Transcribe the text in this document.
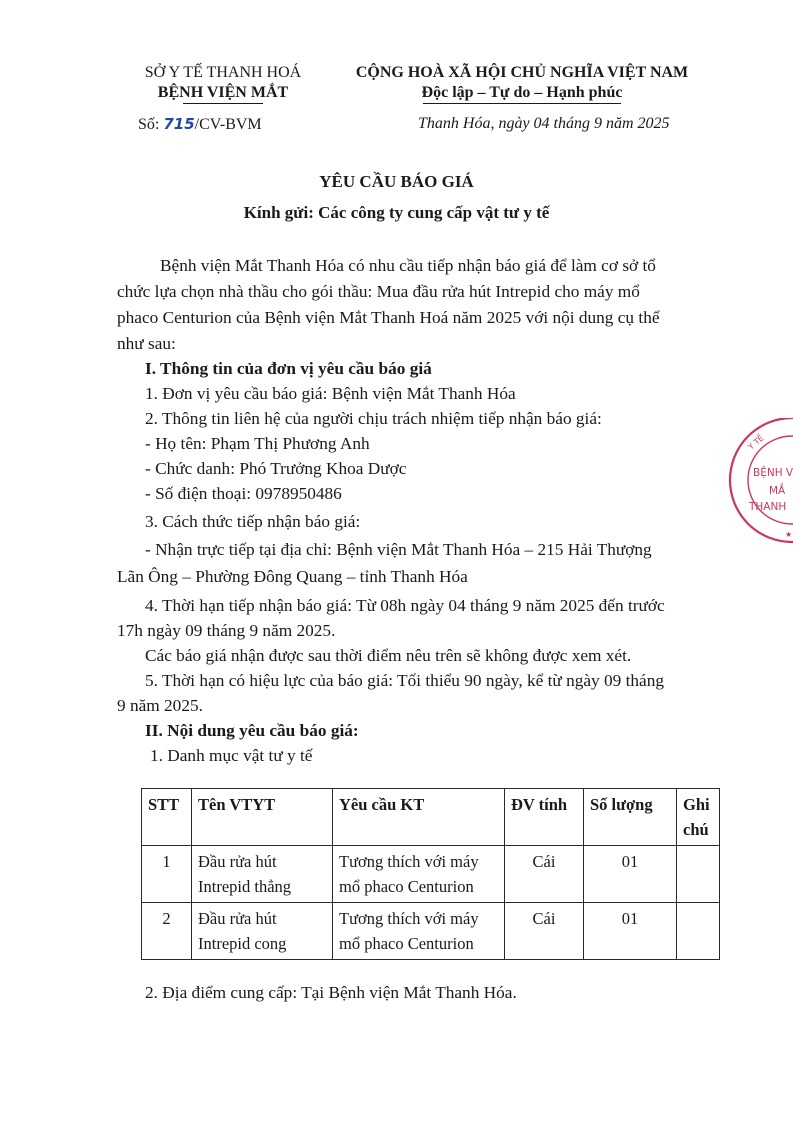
SỞ Y TẾ THANH HOÁ
BỆNH VIỆN MẮT
Số: 715/CV-BVM
CỘNG HOÀ XÃ HỘI CHỦ NGHĨA VIỆT NAM
Độc lập – Tự do – Hạnh phúc
Thanh Hóa, ngày 04 tháng 9 năm 2025
YÊU CẦU BÁO GIÁ
Kính gửi: Các công ty cung cấp vật tư y tế
Bệnh viện Mắt Thanh Hóa có nhu cầu tiếp nhận báo giá để làm cơ sở tổ
chức lựa chọn nhà thầu cho gói thầu: Mua đầu rửa hút Intrepid cho máy mổ
phaco Centurion của Bệnh viện Mắt Thanh Hoá năm 2025 với nội dung cụ thể
như sau:
I. Thông tin của đơn vị yêu cầu báo giá
1. Đơn vị yêu cầu báo giá: Bệnh viện Mắt Thanh Hóa
2. Thông tin liên hệ của người chịu trách nhiệm tiếp nhận báo giá:
- Họ tên: Phạm Thị Phương Anh
- Chức danh: Phó Trưởng Khoa Dược
- Số điện thoại: 0978950486
3. Cách thức tiếp nhận báo giá:
- Nhận trực tiếp tại địa chỉ: Bệnh viện Mắt Thanh Hóa – 215 Hải Thượng
Lãn Ông – Phường Đông Quang – tỉnh Thanh Hóa
4. Thời hạn tiếp nhận báo giá: Từ 08h ngày 04 tháng 9 năm 2025 đến trước
17h ngày 09 tháng 9 năm 2025.
Các báo giá nhận được sau thời điểm nêu trên sẽ không được xem xét.
5. Thời hạn có hiệu lực của báo giá: Tối thiểu 90 ngày, kể từ ngày 09 tháng
9 năm 2025.
II. Nội dung yêu cầu báo giá:
1. Danh mục vật tư y tế
STT	Tên VTYT	Yêu cầu KT	ĐV tính	Số lượng	Ghi chú
1	Đầu rửa hút Intrepid thẳng	Tương thích với máy mổ phaco Centurion	Cái	01	
2	Đầu rửa hút Intrepid cong	Tương thích với máy mổ phaco Centurion	Cái	01	
2. Địa điểm cung cấp: Tại Bệnh viện Mắt Thanh Hóa.
Y TẾ
BỆNH V
MẮ
THANH
★
